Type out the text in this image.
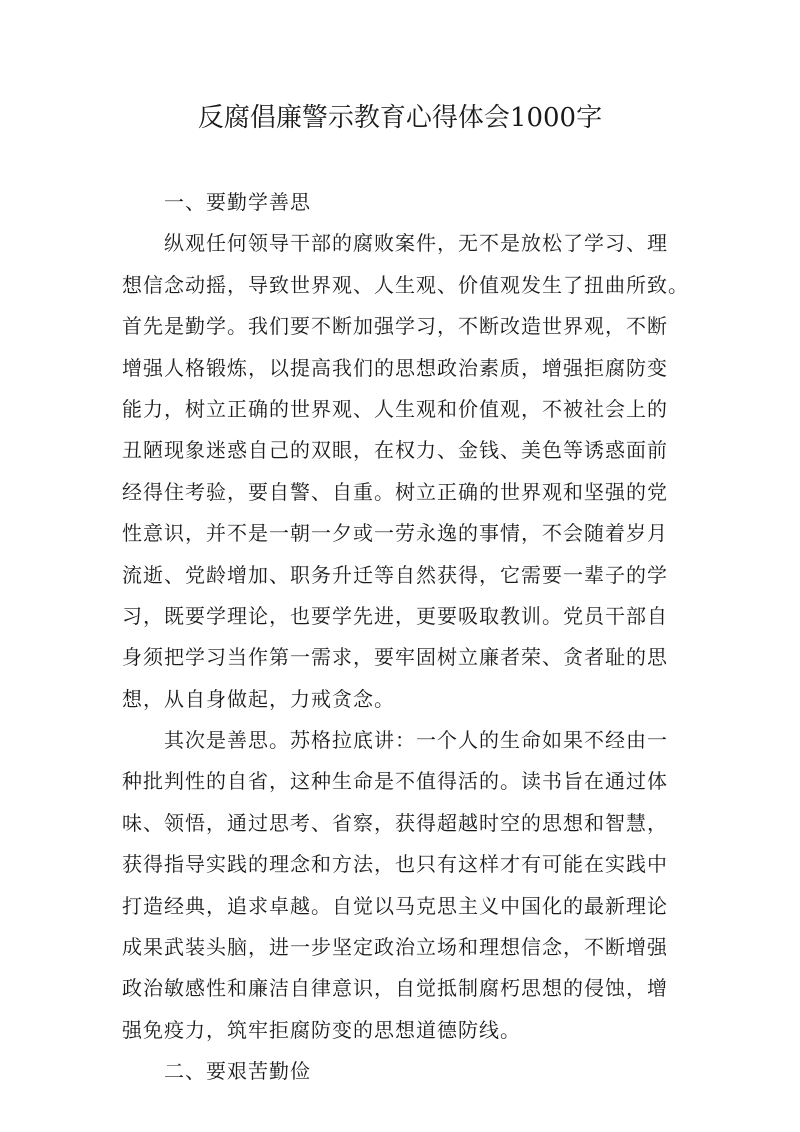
反腐倡廉警示教育心得体会1000字
一、要勤学善思
纵观任何领导干部的腐败案件，无不是放松了学习、理
想信念动摇，导致世界观、人生观、价值观发生了扭曲所致。
首先是勤学。我们要不断加强学习，不断改造世界观，不断
增强人格锻炼，以提高我们的思想政治素质，增强拒腐防变
能力，树立正确的世界观、人生观和价值观，不被社会上的
丑陋现象迷惑自己的双眼，在权力、金钱、美色等诱惑面前
经得住考验，要自警、自重。树立正确的世界观和坚强的党
性意识，并不是一朝一夕或一劳永逸的事情，不会随着岁月
流逝、党龄增加、职务升迁等自然获得，它需要一辈子的学
习，既要学理论，也要学先进，更要吸取教训。党员干部自
身须把学习当作第一需求，要牢固树立廉者荣、贪者耻的思
想，从自身做起，力戒贪念。
其次是善思。苏格拉底讲：一个人的生命如果不经由一
种批判性的自省，这种生命是不值得活的。读书旨在通过体
味、领悟，通过思考、省察，获得超越时空的思想和智慧，
获得指导实践的理念和方法，也只有这样才有可能在实践中
打造经典，追求卓越。自觉以马克思主义中国化的最新理论
成果武装头脑，进一步坚定政治立场和理想信念，不断增强
政治敏感性和廉洁自律意识，自觉抵制腐朽思想的侵蚀，增
强免疫力，筑牢拒腐防变的思想道德防线。
二、要艰苦勤俭
